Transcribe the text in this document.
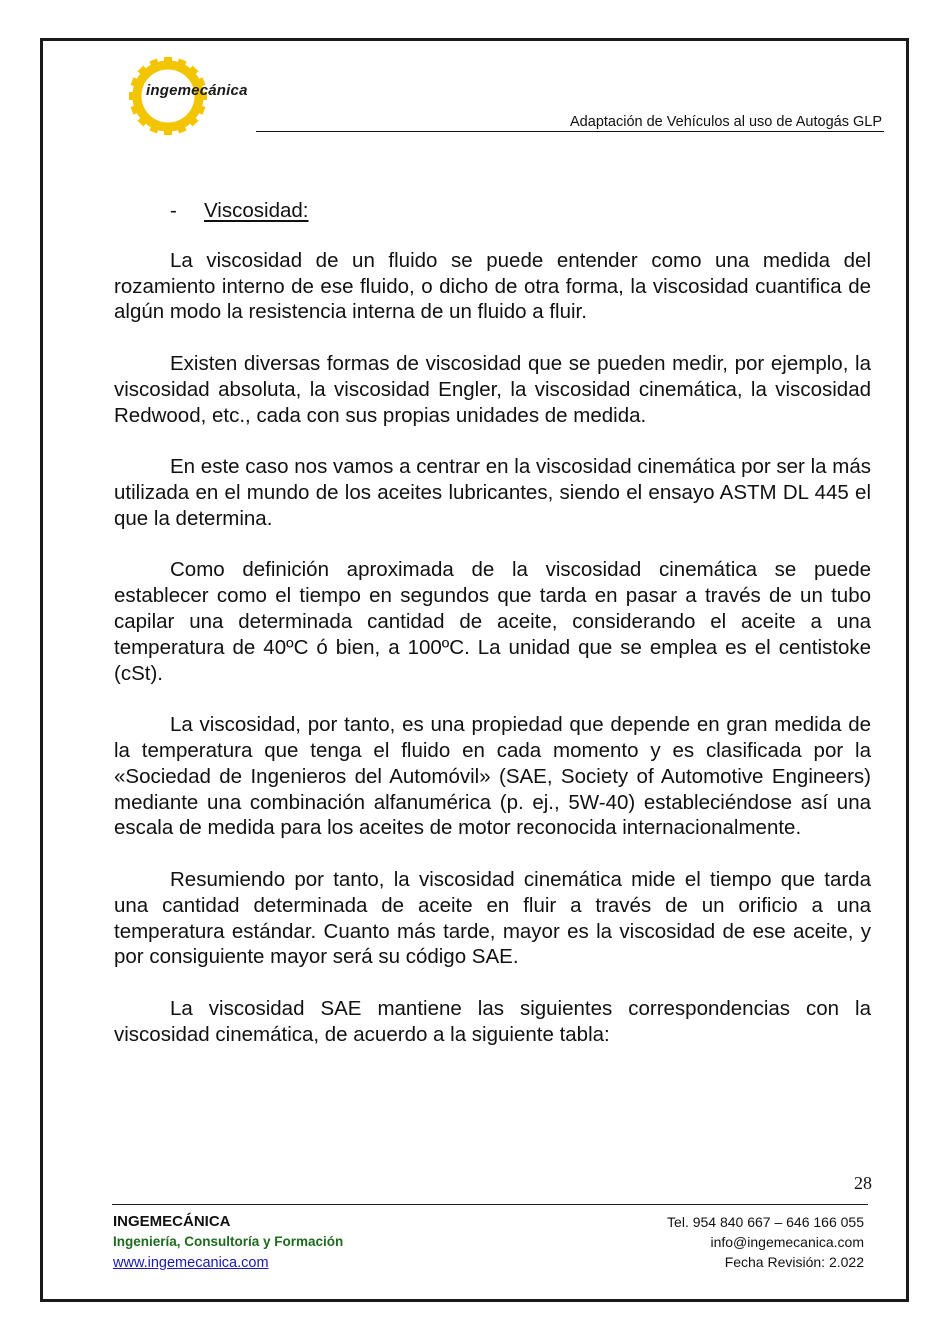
ingemecánica
Adaptación de Vehículos al uso de Autogás GLP
- Viscosidad:

La viscosidad de un fluido se puede entender como una medida del rozamiento interno de ese fluido, o dicho de otra forma, la viscosidad cuantifica de algún modo la resistencia interna de un fluido a fluir.

Existen diversas formas de viscosidad que se pueden medir, por ejemplo, la viscosidad absoluta, la viscosidad Engler, la viscosidad cinemática, la viscosidad Redwood, etc., cada con sus propias unidades de medida.

En este caso nos vamos a centrar en la viscosidad cinemática por ser la más utilizada en el mundo de los aceites lubricantes, siendo el ensayo ASTM DL 445 el que la determina.

Como definición aproximada de la viscosidad cinemática se puede establecer como el tiempo en segundos que tarda en pasar a través de un tubo capilar una determinada cantidad de aceite, considerando el aceite a una temperatura de 40ºC ó bien, a 100ºC. La unidad que se emplea es el centistoke (cSt).

La viscosidad, por tanto, es una propiedad que depende en gran medida de la temperatura que tenga el fluido en cada momento y es clasificada por la «Sociedad de Ingenieros del Automóvil» (SAE, Society of Automotive Engineers) mediante una combinación alfanumérica (p. ej., 5W-40) estableciéndose así una escala de medida para los aceites de motor reconocida internacionalmente.

Resumiendo por tanto, la viscosidad cinemática mide el tiempo que tarda una cantidad determinada de aceite en fluir a través de un orificio a una temperatura estándar. Cuanto más tarde, mayor es la viscosidad de ese aceite, y por consiguiente mayor será su código SAE.

La viscosidad SAE mantiene las siguientes correspondencias con la viscosidad cinemática, de acuerdo a la siguiente tabla:

28
INGEMECÁNICA
Ingeniería, Consultoría y Formación
www.ingemecanica.com
Tel. 954 840 667 – 646 166 055
info@ingemecanica.com
Fecha Revisión: 2.022
